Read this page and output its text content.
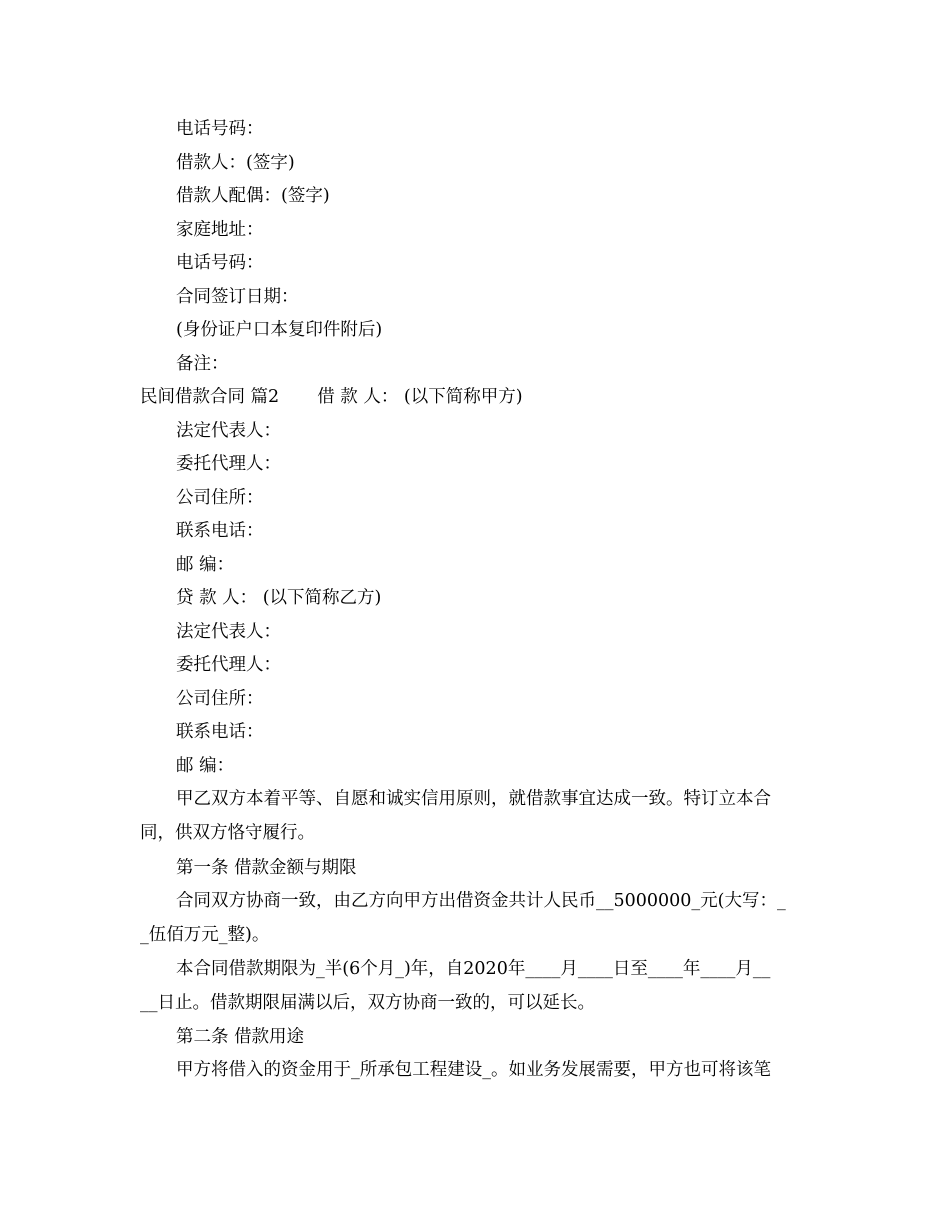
电话号码：
借款人：(签字)
借款人配偶：(签字)
家庭地址：
电话号码：
合同签订日期：
(身份证户口本复印件附后)
备注：
民间借款合同 篇2 借 款 人： (以下简称甲方)
法定代表人：
委托代理人：
公司住所：
联系电话：
邮 编：
贷 款 人： (以下简称乙方)
法定代表人：
委托代理人：
公司住所：
联系电话：
邮 编：
甲乙双方本着平等、自愿和诚实信用原则，就借款事宜达成一致。特订立本合
同，供双方恪守履行。
第一条 借款金额与期限
合同双方协商一致，由乙方向甲方出借资金共计人民币__5000000_元(大写：_
_伍佰万元_整)。
本合同借款期限为_半(6个月_)年，自2020年____月____日至____年____月__
__日止。借款期限届满以后，双方协商一致的，可以延长。
第二条 借款用途
甲方将借入的资金用于_所承包工程建设_。如业务发展需要，甲方也可将该笔
